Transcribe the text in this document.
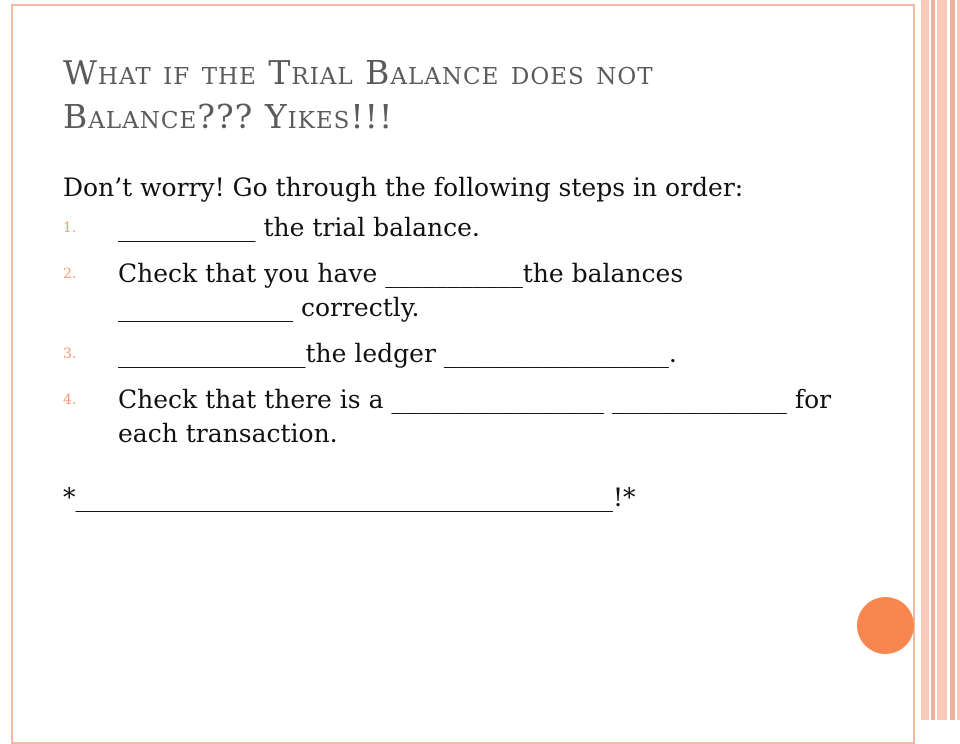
What if the Trial Balance does not Balance??? Yikes!!!

Don’t worry! Go through the following steps in order:

1. ___________ the trial balance.
2. Check that you have ___________the balances ______________ correctly.
3. _______________the ledger __________________.
4. Check that there is a _________________ ______________ for each transaction.

*___________________________________________!*
